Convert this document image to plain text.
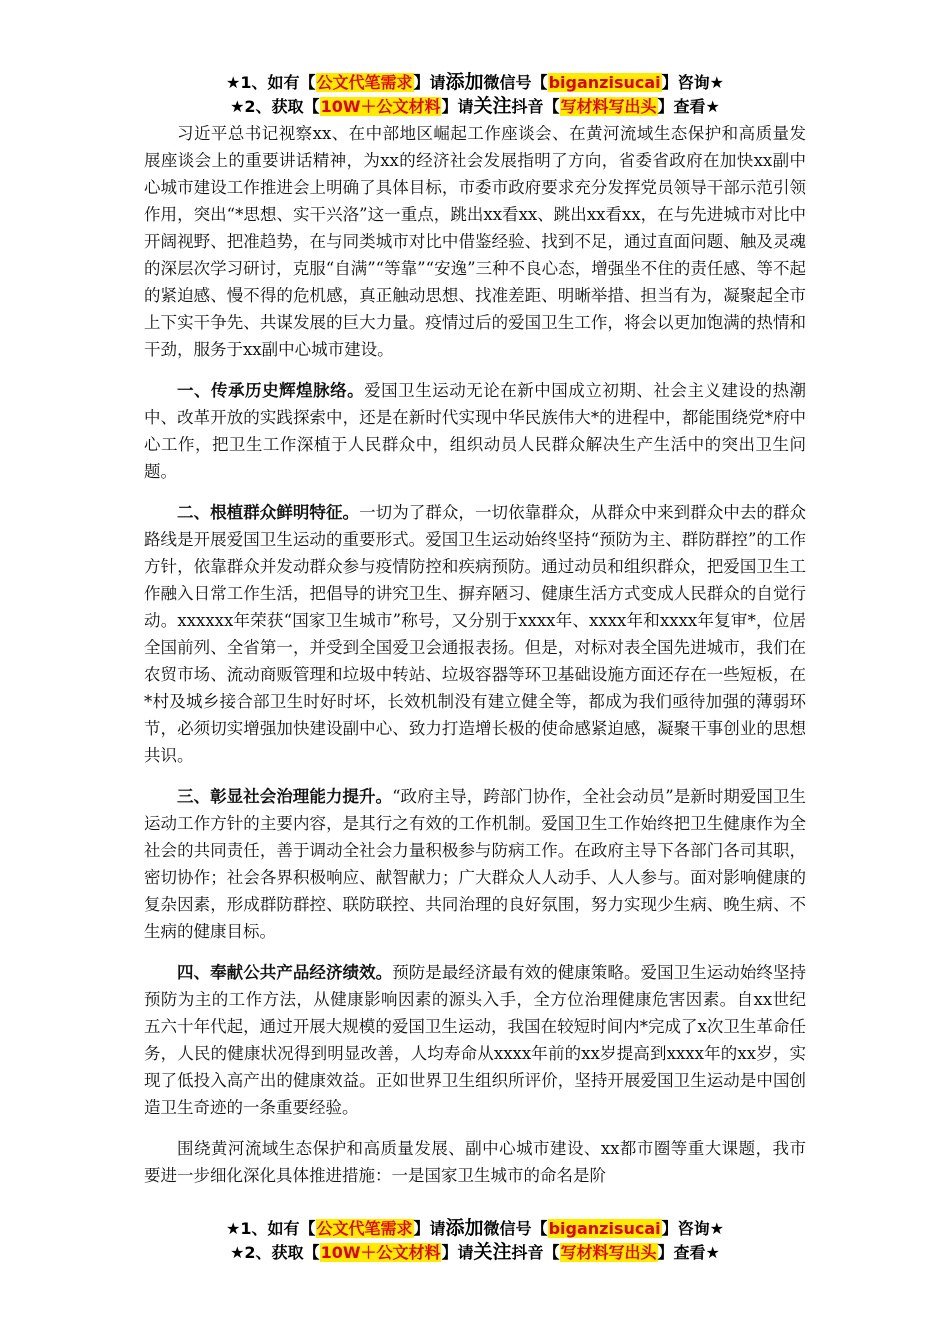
★1、如有【公文代笔需求】请添加微信号【biganzisucai】咨询★
★2、获取【10W＋公文材料】请关注抖音【写材料写出头】查看★

习近平总书记视察xx、在中部地区崛起工作座谈会、在黄河流域生态保护和高质量发展座谈会上的重要讲话精神，为xx的经济社会发展指明了方向，省委省政府在加快xx副中心城市建设工作推进会上明确了具体目标，市委市政府要求充分发挥党员领导干部示范引领作用，突出“*思想、实干兴洛”这一重点，跳出xx看xx、跳出xx看xx，在与先进城市对比中开阔视野、把准趋势，在与同类城市对比中借鉴经验、找到不足，通过直面问题、触及灵魂的深层次学习研讨，克服“自满”“等靠”“安逸”三种不良心态，增强坐不住的责任感、等不起的紧迫感、慢不得的危机感，真正触动思想、找准差距、明晰举措、担当有为，凝聚起全市上下实干争先、共谋发展的巨大力量。疫情过后的爱国卫生工作，将会以更加饱满的热情和干劲，服务于xx副中心城市建设。

一、传承历史辉煌脉络。爱国卫生运动无论在新中国成立初期、社会主义建设的热潮中、改革开放的实践探索中，还是在新时代实现中华民族伟大*的进程中，都能围绕党*府中心工作，把卫生工作深植于人民群众中，组织动员人民群众解决生产生活中的突出卫生问题。

二、根植群众鲜明特征。一切为了群众，一切依靠群众，从群众中来到群众中去的群众路线是开展爱国卫生运动的重要形式。爱国卫生运动始终坚持“预防为主、群防群控”的工作方针，依靠群众并发动群众参与疫情防控和疾病预防。通过动员和组织群众，把爱国卫生工作融入日常工作生活，把倡导的讲究卫生、摒弃陋习、健康生活方式变成人民群众的自觉行动。xxxxxx年荣获“国家卫生城市”称号，又分别于xxxx年、xxxx年和xxxx年复审*，位居全国前列、全省第一，并受到全国爱卫会通报表扬。但是，对标对表全国先进城市，我们在农贸市场、流动商贩管理和垃圾中转站、垃圾容器等环卫基础设施方面还存在一些短板，在*村及城乡接合部卫生时好时坏，长效机制没有建立健全等，都成为我们亟待加强的薄弱环节，必须切实增强加快建设副中心、致力打造增长极的使命感紧迫感，凝聚干事创业的思想共识。

三、彰显社会治理能力提升。“政府主导，跨部门协作，全社会动员”是新时期爱国卫生运动工作方针的主要内容，是其行之有效的工作机制。爱国卫生工作始终把卫生健康作为全社会的共同责任，善于调动全社会力量积极参与防病工作。在政府主导下各部门各司其职，密切协作；社会各界积极响应、献智献力；广大群众人人动手、人人参与。面对影响健康的复杂因素，形成群防群控、联防联控、共同治理的良好氛围，努力实现少生病、晚生病、不生病的健康目标。

四、奉献公共产品经济绩效。预防是最经济最有效的健康策略。爱国卫生运动始终坚持预防为主的工作方法，从健康影响因素的源头入手，全方位治理健康危害因素。自xx世纪五六十年代起，通过开展大规模的爱国卫生运动，我国在较短时间内*完成了x次卫生革命任务，人民的健康状况得到明显改善，人均寿命从xxxx年前的xx岁提高到xxxx年的xx岁，实现了低投入高产出的健康效益。正如世界卫生组织所评价，坚持开展爱国卫生运动是中国创造卫生奇迹的一条重要经验。

围绕黄河流域生态保护和高质量发展、副中心城市建设、xx都市圈等重大课题，我市要进一步细化深化具体推进措施：一是国家卫生城市的命名是阶

★1、如有【公文代笔需求】请添加微信号【biganzisucai】咨询★
★2、获取【10W＋公文材料】请关注抖音【写材料写出头】查看★
